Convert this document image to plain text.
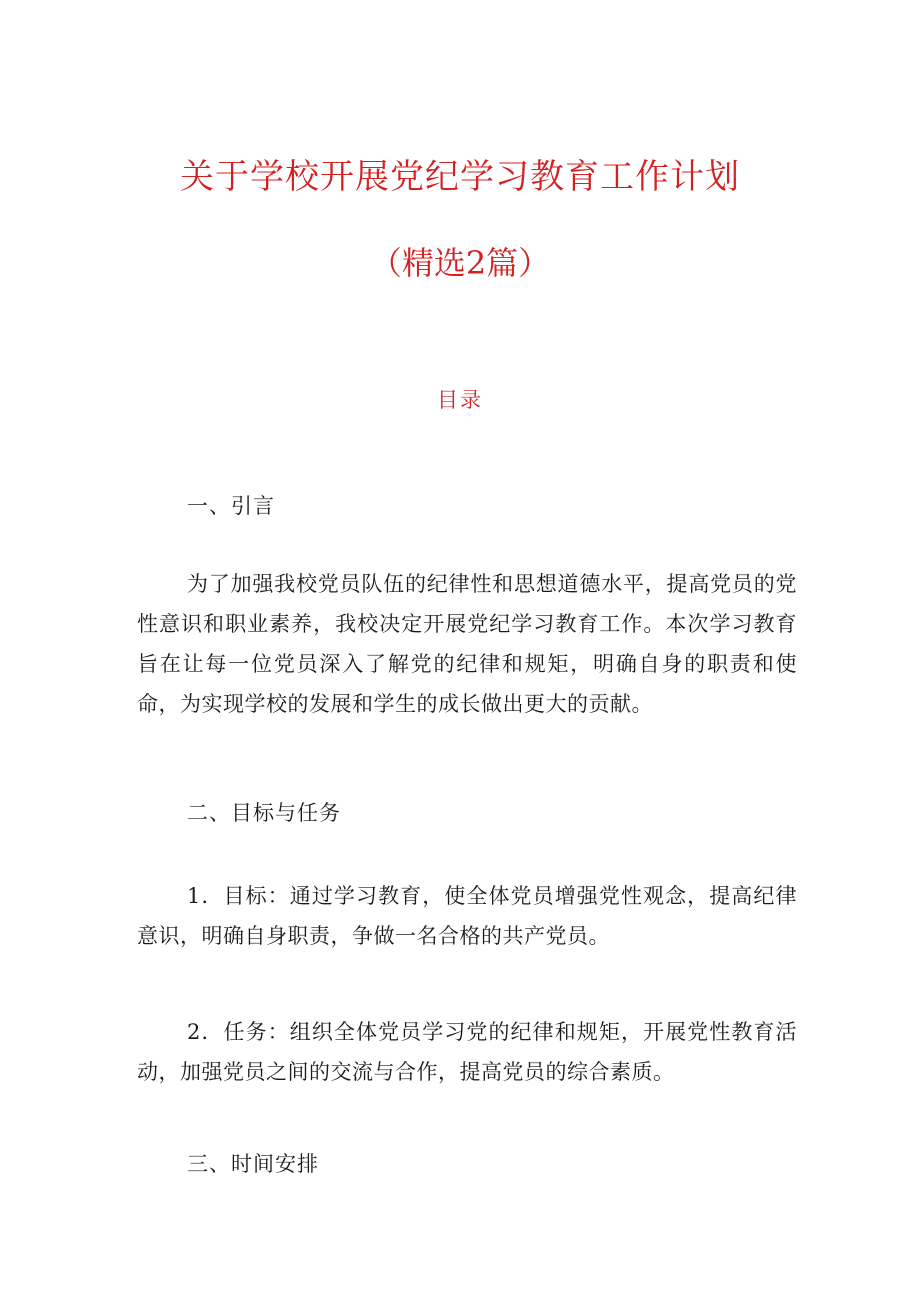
关于学校开展党纪学习教育工作计划
（精选2篇）
目录
一、引言

为了加强我校党员队伍的纪律性和思想道德水平，提高党员的党性意识和职业素养，我校决定开展党纪学习教育工作。本次学习教育旨在让每一位党员深入了解党的纪律和规矩，明确自身的职责和使命，为实现学校的发展和学生的成长做出更大的贡献。

二、目标与任务

1．目标：通过学习教育，使全体党员增强党性观念，提高纪律意识，明确自身职责，争做一名合格的共产党员。

2．任务：组织全体党员学习党的纪律和规矩，开展党性教育活动，加强党员之间的交流与合作，提高党员的综合素质。

三、时间安排
